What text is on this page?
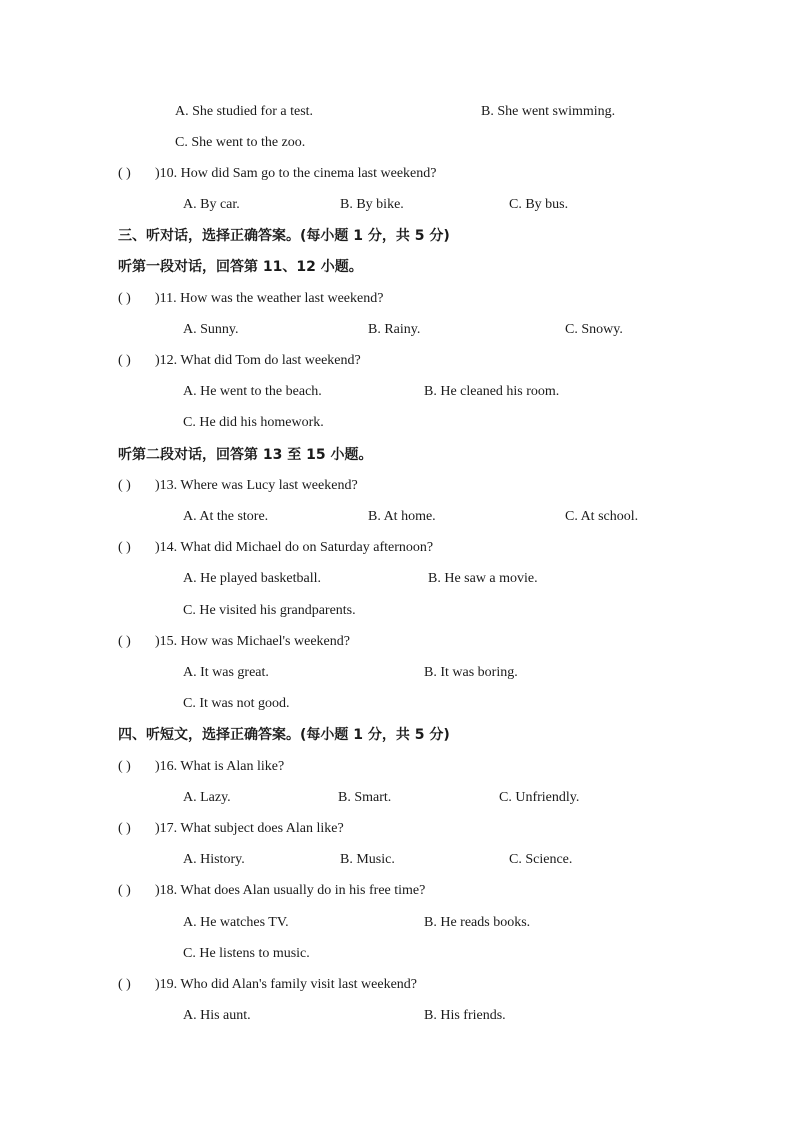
A. She studied for a test.	B. She went swimming.
C. She went to the zoo.
( ) )10. How did Sam go to the cinema last weekend?
A. By car.	B. By bike.	C. By bus.
三、听对话，选择正确答案。(每小题 1 分，共 5 分)
听第一段对话，回答第 11、12 小题。
( ) )11. How was the weather last weekend?
A. Sunny.	B. Rainy.	C. Snowy.
( ) )12. What did Tom do last weekend?
A. He went to the beach.	B. He cleaned his room.
C. He did his homework.
听第二段对话，回答第 13 至 15 小题。
( ) )13. Where was Lucy last weekend?
A. At the store.	B. At home.	C. At school.
( ) )14. What did Michael do on Saturday afternoon?
A. He played basketball.	B. He saw a movie.
C. He visited his grandparents.
( ) )15. How was Michael's weekend?
A. It was great.	B. It was boring.
C. It was not good.
四、听短文，选择正确答案。(每小题 1 分，共 5 分)
( ) )16. What is Alan like?
A. Lazy.	B. Smart.	C. Unfriendly.
( ) )17. What subject does Alan like?
A. History.	B. Music.	C. Science.
( ) )18. What does Alan usually do in his free time?
A. He watches TV.	B. He reads books.
C. He listens to music.
( ) )19. Who did Alan's family visit last weekend?
A. His aunt.	B. His friends.
